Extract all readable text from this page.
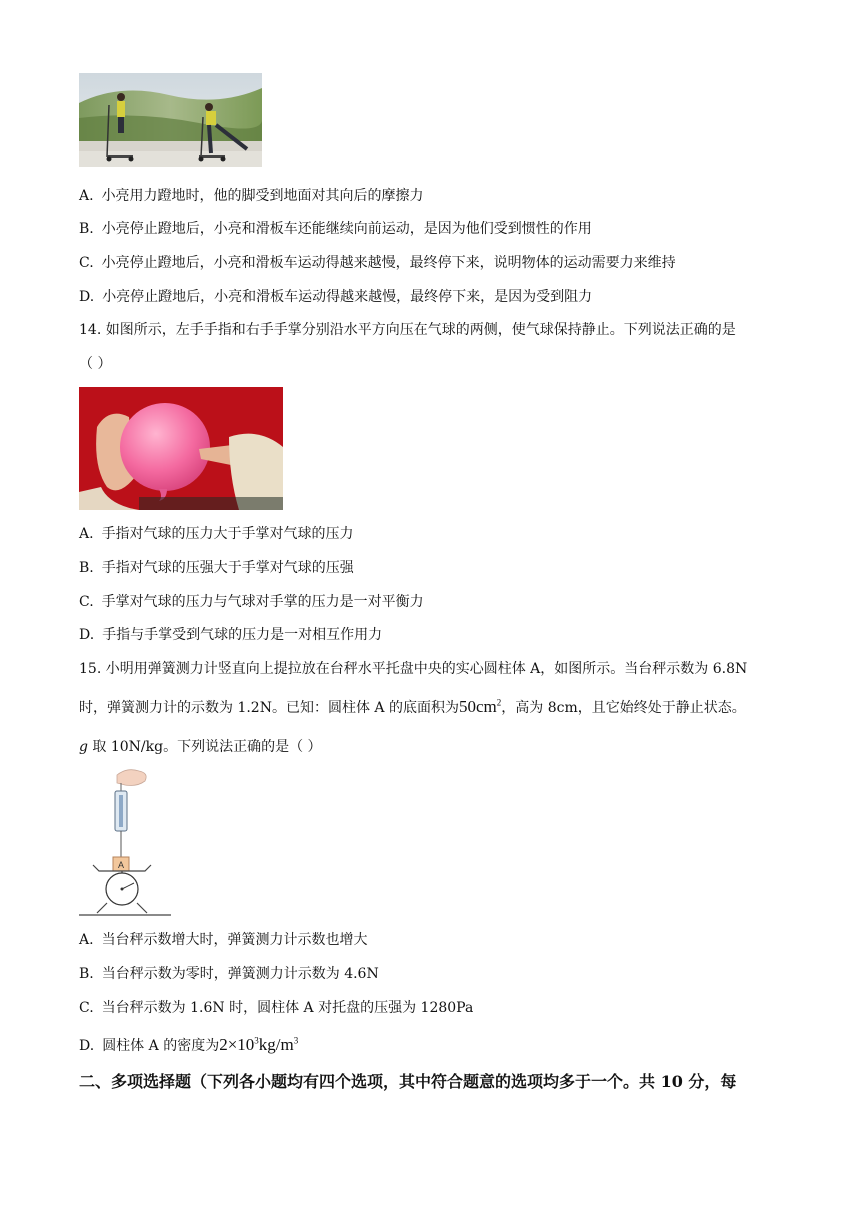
A. 小亮用力蹬地时，他的脚受到地面对其向后的摩擦力
B. 小亮停止蹬地后，小亮和滑板车还能继续向前运动，是因为他们受到惯性的作用
C. 小亮停止蹬地后，小亮和滑板车运动得越来越慢，最终停下来，说明物体的运动需要力来维持
D. 小亮停止蹬地后，小亮和滑板车运动得越来越慢，最终停下来，是因为受到阻力
14. 如图所示，左手手指和右手手掌分别沿水平方向压在气球的两侧，使气球保持静止。下列说法正确的是
（ ）
A. 手指对气球的压力大于手掌对气球的压力
B. 手指对气球的压强大于手掌对气球的压强
C. 手掌对气球的压力与气球对手掌的压力是一对平衡力
D. 手指与手掌受到气球的压力是一对相互作用力
15. 小明用弹簧测力计竖直向上提拉放在台秤水平托盘中央的实心圆柱体 A，如图所示。当台秤示数为 6.8N
时，弹簧测力计的示数为 1.2N。已知：圆柱体 A 的底面积为$50cm^2$，高为 8cm，且它始终处于静止状态。
g 取 10N/kg。下列说法正确的是（ ）
A
A. 当台秤示数增大时，弹簧测力计示数也增大
B. 当台秤示数为零时，弹簧测力计示数为 4.6N
C. 当台秤示数为 1.6N 时，圆柱体 A 对托盘的压强为 1280Pa
D. 圆柱体 A 的密度为$2\times 10^3kg/m^3$
二、多项选择题（下列各小题均有四个选项，其中符合题意的选项均多于一个。共 10 分，每
